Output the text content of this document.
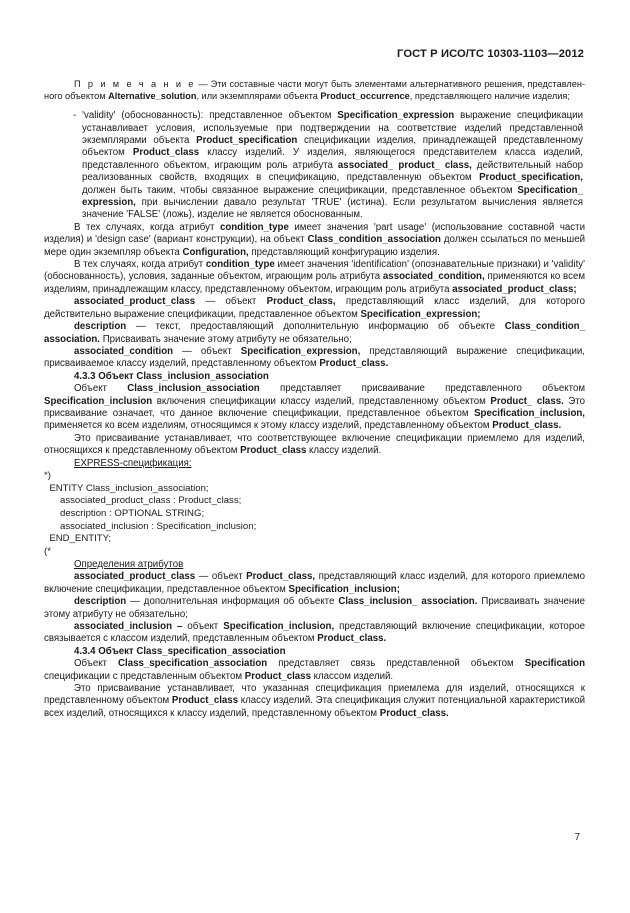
ГОСТ Р ИСО/ТС 10303-1103—2012

П р и м е ч а н и е — Эти составные части могут быть элементами альтернативного решения, представленного объектом Alternative_solution, или экземплярами объекта Product_occurrence, представляющего наличие изделия;

- 'validity' (обоснованность): представленное объектом Specification_expression выражение спецификации устанавливает условия, используемые при подтверждении на соответствие изделий представленной экземплярами объекта Product_specification спецификации изделия, принадлежащей представленному объектом Product_class классу изделий. У изделия, являющегося представителем класса изделий, представленного объектом, играющим роль атрибута associated_ product_ class, действительный набор реализованных свойств, входящих в спецификацию, представленную объектом Product_specification, должен быть таким, чтобы связанное выражение спецификации, представленное объектом Specification_ expression, при вычислении давало результат 'TRUE' (истина). Если результатом вычисления является значение 'FALSE' (ложь), изделие не является обоснованным.

В тех случаях, когда атрибут condition_type имеет значения 'part usage' (использование составной части изделия) и 'design case' (вариант конструкции), на объект Class_condition_association должен ссылаться по меньшей мере один экземпляр объекта Configuration, представляющий конфигурацию изделия.

В тех случаях, когда атрибут condition_type имеет значения 'identification' (опознавательные признаки) и 'validity' (обоснованность), условия, заданные объектом, играющим роль атрибута associated_condition, применяются ко всем изделиям, принадлежащим классу, представленному объектом, играющим роль атрибута associated_product_class;

associated_product_class — объект Product_class, представляющий класс изделий, для которого действительно выражение спецификации, представленное объектом Specification_expression;

description — текст, предоставляющий дополнительную информацию об объекте Class_condition_ association. Присваивать значение этому атрибуту не обязательно;

associated_condition — объект Specification_expression, представляющий выражение спецификации, присваиваемое классу изделий, представленному объектом Product_class.

4.3.3 Объект Class_inclusion_association

Объект Class_inclusion_association представляет присваивание представленного объектом Specification_inclusion включения спецификации классу изделий, представленному объектом Product_ class. Это присваивание означает, что данное включение спецификации, представленное объектом Specification_inclusion, применяется ко всем изделиям, относящимся к этому классу изделий, представленному объектом Product_class.

Это присваивание устанавливает, что соответствующее включение спецификации приемлемо для изделий, относящихся к представленному объектом Product_class классу изделий.

EXPRESS-спецификация:

*)

ENTITY Class_inclusion_association;

associated_product_class : Product_class;

description : OPTIONAL STRING;

associated_inclusion : Specification_inclusion;

END_ENTITY;

(*

Определения атрибутов

associated_product_class — объект Product_class, представляющий класс изделий, для которого приемлемо включение спецификации, представленное объектом Specification_inclusion;

description — дополнительная информация об объекте Class_inclusion_ association. Присваивать значение этому атрибуту не обязательно;

associated_inclusion – объект Specification_inclusion, представляющий включение спецификации, которое связывается с классом изделий, представленным объектом Product_class.

4.3.4 Объект Class_specification_association

Объект Class_specification_association представляет связь представленной объектом Specification спецификации с представленным объектом Product_class классом изделий.

Это присваивание устанавливает, что указанная спецификация приемлема для изделий, относящихся к представленному объектом Product_class классу изделий. Эта спецификация служит потенциальной характеристикой всех изделий, относящихся к классу изделий, представленному объектом Product_class.

7
